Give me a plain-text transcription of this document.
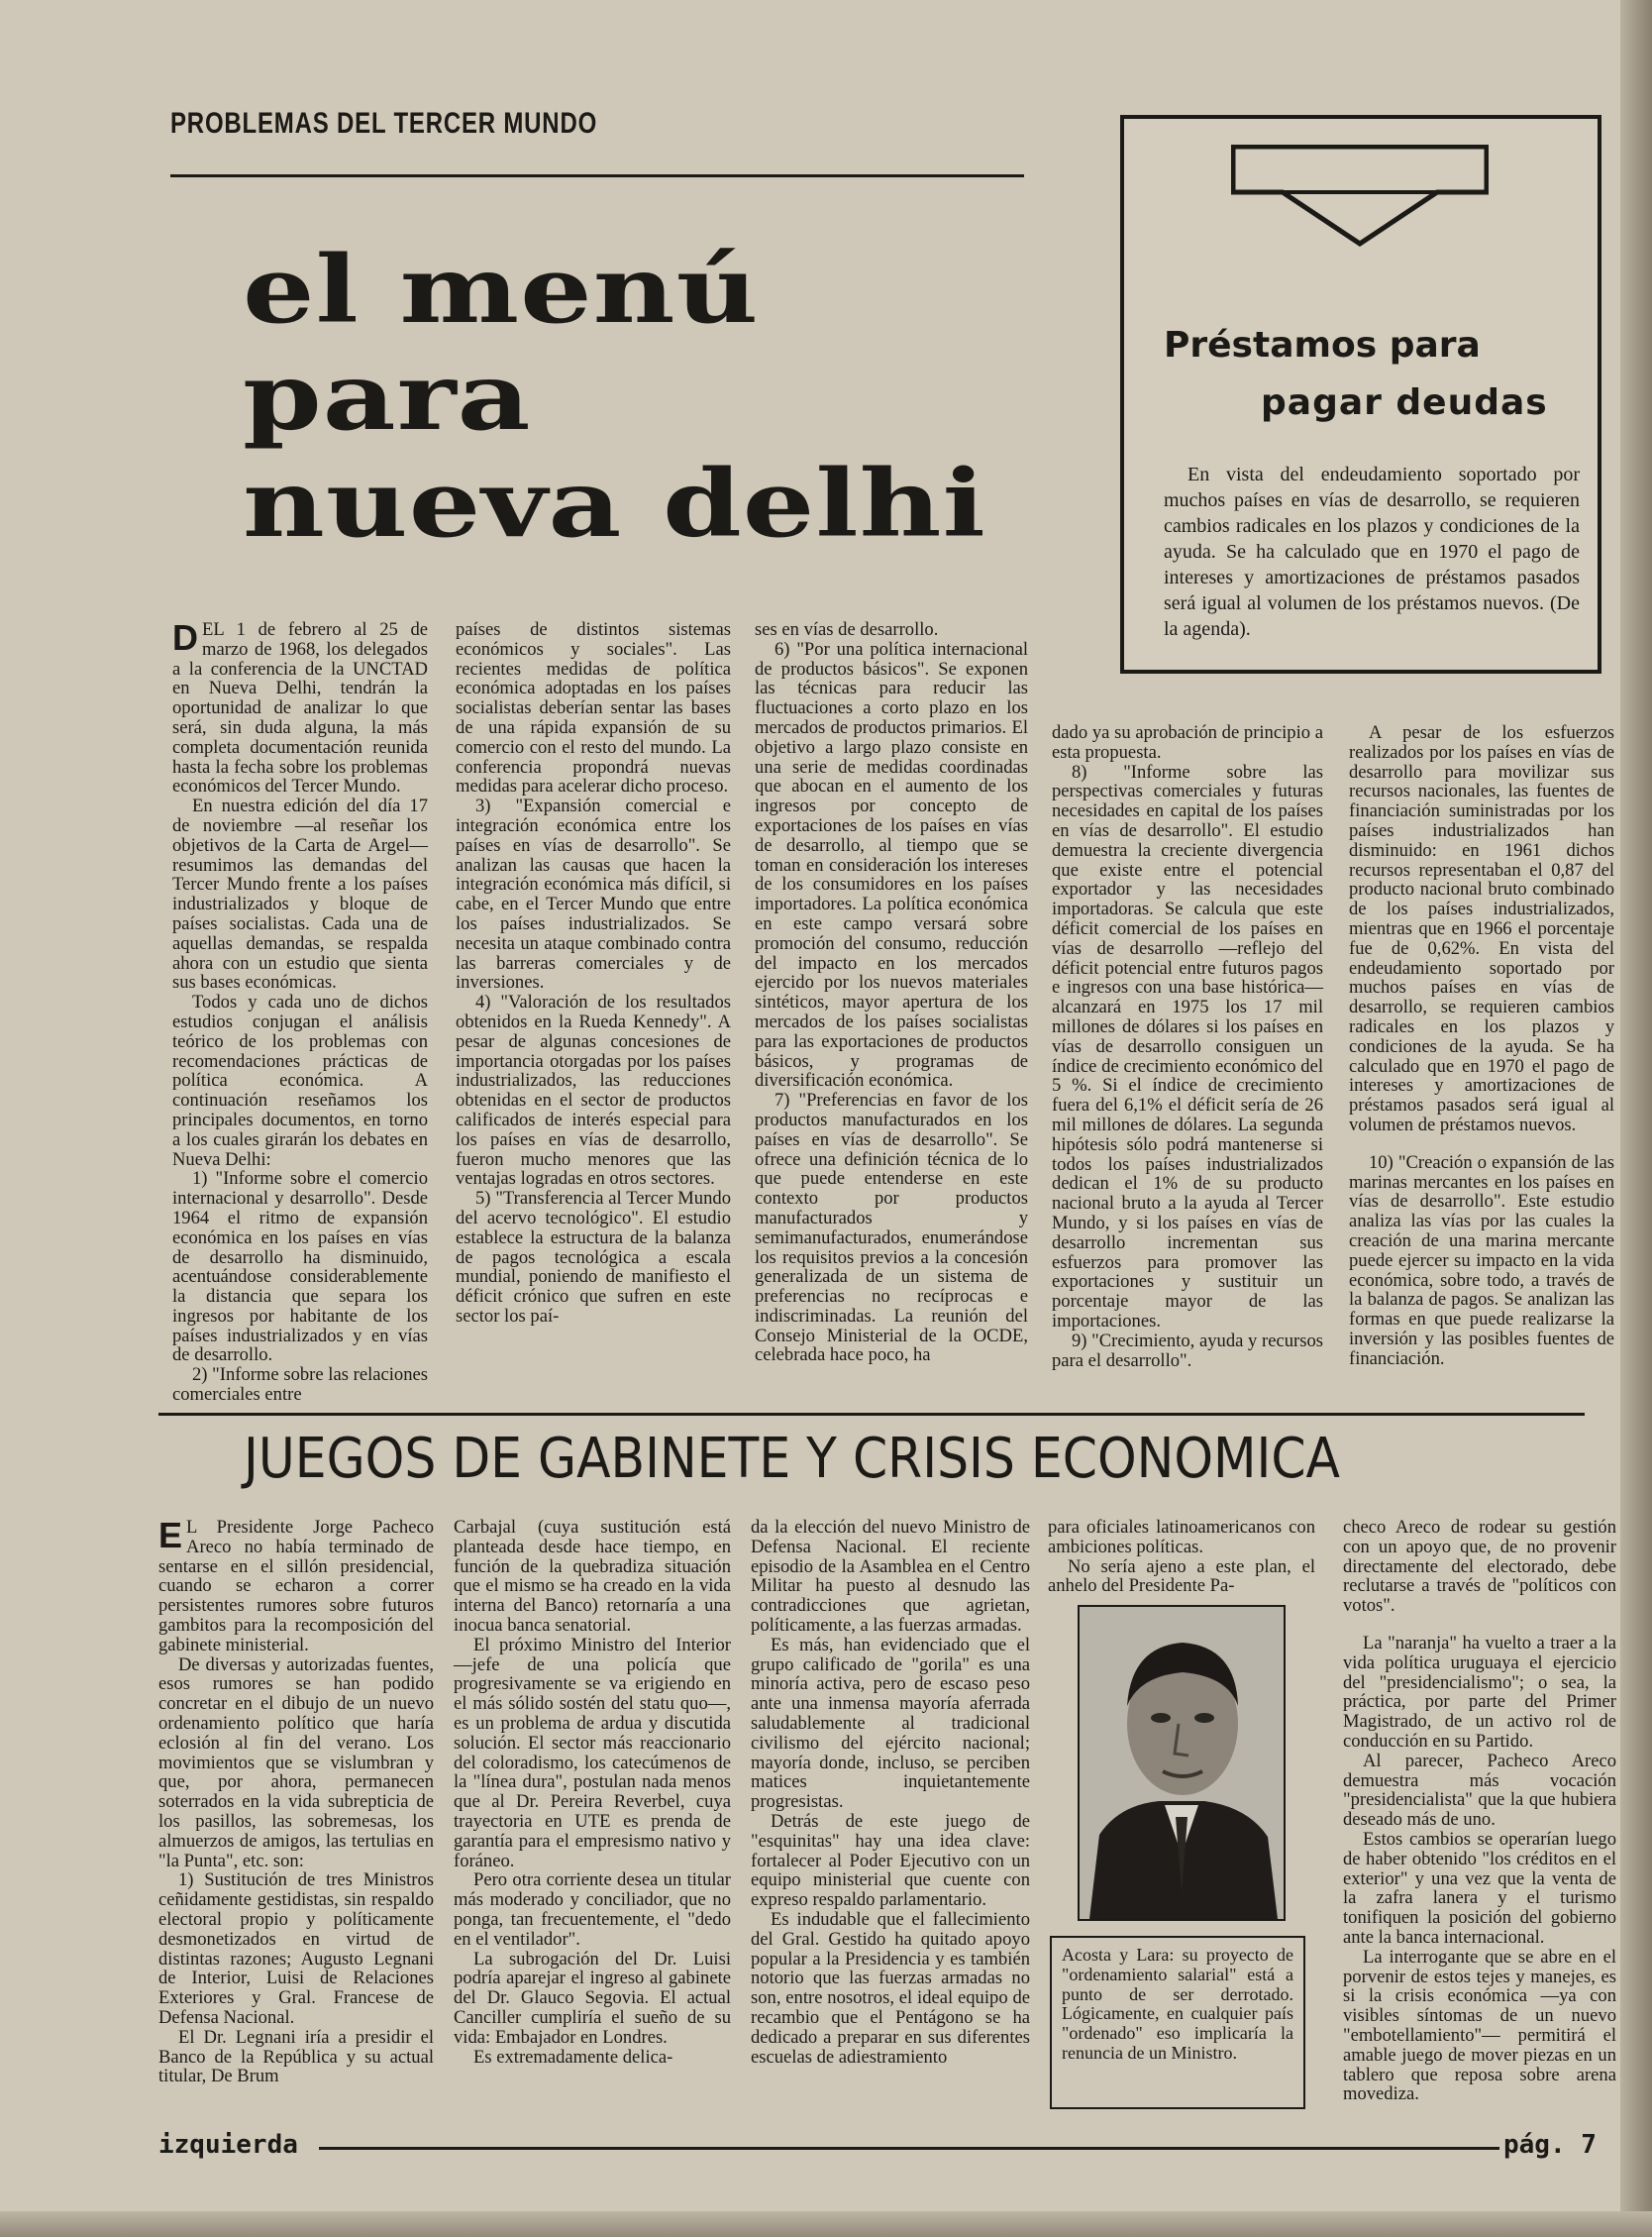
PROBLEMAS DEL TERCER MUNDO
el menú
para
nueva delhi
Préstamos para
pagar deudas
En vista del endeudamiento soportado por muchos países en vías de desarrollo, se requieren cambios radicales en los plazos y condiciones de la ayuda. Se ha calculado que en 1970 el pago de intereses y amortizaciones de préstamos pasados será igual al volumen de los préstamos nuevos. (De la agenda).

DEL 1 de febrero al 25 de marzo de 1968, los delegados a la conferencia de la UNCTAD en Nueva Delhi, tendrán la oportunidad de analizar lo que será, sin duda alguna, la más completa documentación reunida hasta la fecha sobre los problemas económicos del Tercer Mundo.

En nuestra edición del día 17 de noviembre —al reseñar los objetivos de la Carta de Argel— resumimos las demandas del Tercer Mundo frente a los países industrializados y bloque de países socialistas. Cada una de aquellas demandas, se respalda ahora con un estudio que sienta sus bases económicas.

Todos y cada uno de dichos estudios conjugan el análisis teórico de los problemas con recomendaciones prácticas de política económica. A continuación reseñamos los principales documentos, en torno a los cuales girarán los debates en Nueva Delhi:

1) "Informe sobre el comercio internacional y desarrollo". Desde 1964 el ritmo de expansión económica en los países en vías de desarrollo ha disminuido, acentuándose considerablemente la distancia que separa los ingresos por habitante de los países industrializados y en vías de desarrollo.

2) "Informe sobre las relaciones comerciales entre

países de distintos sistemas económicos y sociales". Las recientes medidas de política económica adoptadas en los países socialistas deberían sentar las bases de una rápida expansión de su comercio con el resto del mundo. La conferencia propondrá nuevas medidas para acelerar dicho proceso.

3) "Expansión comercial e integración económica entre los países en vías de desarrollo". Se analizan las causas que hacen la integración económica más difícil, si cabe, en el Tercer Mundo que entre los países industrializados. Se necesita un ataque combinado contra las barreras comerciales y de inversiones.

4) "Valoración de los resultados obtenidos en la Rueda Kennedy". A pesar de algunas concesiones de importancia otorgadas por los países industrializados, las reducciones obtenidas en el sector de productos calificados de interés especial para los países en vías de desarrollo, fueron mucho menores que las ventajas logradas en otros sectores.

5) "Transferencia al Tercer Mundo del acervo tecnológico". El estudio establece la estructura de la balanza de pagos tecnológica a escala mundial, poniendo de manifiesto el déficit crónico que sufren en este sector los paí-

ses en vías de desarrollo.

6) "Por una política internacional de productos básicos". Se exponen las técnicas para reducir las fluctuaciones a corto plazo en los mercados de productos primarios. El objetivo a largo plazo consiste en una serie de medidas coordinadas que abocan en el aumento de los ingresos por concepto de exportaciones de los países en vías de desarrollo, al tiempo que se toman en consideración los intereses de los consumidores en los países importadores. La política económica en este campo versará sobre promoción del consumo, reducción del impacto en los mercados ejercido por los nuevos materiales sintéticos, mayor apertura de los mercados de los países socialistas para las exportaciones de productos básicos, y programas de diversificación económica.

7) "Preferencias en favor de los productos manufacturados en los países en vías de desarrollo". Se ofrece una definición técnica de lo que puede entenderse en este contexto por productos manufacturados y semimanufacturados, enumerándose los requisitos previos a la concesión generalizada de un sistema de preferencias no recíprocas e indiscriminadas. La reunión del Consejo Ministerial de la OCDE, celebrada hace poco, ha

dado ya su aprobación de principio a esta propuesta.

8) "Informe sobre las perspectivas comerciales y futuras necesidades en capital de los países en vías de desarrollo". El estudio demuestra la creciente divergencia que existe entre el potencial exportador y las necesidades importadoras. Se calcula que este déficit comercial de los países en vías de desarrollo —reflejo del déficit potencial entre futuros pagos e ingresos con una base histórica— alcanzará en 1975 los 17 mil millones de dólares si los países en vías de desarrollo consiguen un índice de crecimiento económico del 5 %. Si el índice de crecimiento fuera del 6,1% el déficit sería de 26 mil millones de dólares. La segunda hipótesis sólo podrá mantenerse si todos los países industrializados dedican el 1% de su producto nacional bruto a la ayuda al Tercer Mundo, y si los países en vías de desarrollo incrementan sus esfuerzos para promover las exportaciones y sustituir un porcentaje mayor de las importaciones.

9) "Crecimiento, ayuda y recursos para el desarrollo".

A pesar de los esfuerzos realizados por los países en vías de desarrollo para movilizar sus recursos nacionales, las fuentes de financiación suministradas por los países industrializados han disminuido: en 1961 dichos recursos representaban el 0,87 del producto nacional bruto combinado de los países industrializados, mientras que en 1966 el porcentaje fue de 0,62%. En vista del endeudamiento soportado por muchos países en vías de desarrollo, se requieren cambios radicales en los plazos y condiciones de la ayuda. Se ha calculado que en 1970 el pago de intereses y amortizaciones de préstamos pasados será igual al volumen de préstamos nuevos.

10) "Creación o expansión de las marinas mercantes en los países en vías de desarrollo". Este estudio analiza las vías por las cuales la creación de una marina mercante puede ejercer su impacto en la vida económica, sobre todo, a través de la balanza de pagos. Se analizan las formas en que puede realizarse la inversión y las posibles fuentes de financiación.

JUEGOS DE GABINETE Y CRISIS ECONOMICA

E L Presidente Jorge Pacheco Areco no había terminado de sentarse en el sillón presidencial, cuando se echaron a correr persistentes rumores sobre futuros gambitos para la recomposición del gabinete ministerial.

De diversas y autorizadas fuentes, esos rumores se han podido concretar en el dibujo de un nuevo ordenamiento político que haría eclosión al fin del verano. Los movimientos que se vislumbran y que, por ahora, permanecen soterrados en la vida subrepticia de los pasillos, las sobremesas, los almuerzos de amigos, las tertulias en "la Punta", etc. son:

1) Sustitución de tres Ministros ceñidamente gestidistas, sin respaldo electoral propio y políticamente desmonetizados en virtud de distintas razones; Augusto Legnani de Interior, Luisi de Relaciones Exteriores y Gral. Francese de Defensa Nacional.

El Dr. Legnani iría a presidir el Banco de la República y su actual titular, De Brum

Carbajal (cuya sustitución está planteada desde hace tiempo, en función de la quebradiza situación que el mismo se ha creado en la vida interna del Banco) retornaría a una inocua banca senatorial.

El próximo Ministro del Interior —jefe de una policía que progresivamente se va erigiendo en el más sólido sostén del statu quo—, es un problema de ardua y discutida solución. El sector más reaccionario del coloradismo, los catecúmenos de la "línea dura", postulan nada menos que al Dr. Pereira Reverbel, cuya trayectoria en UTE es prenda de garantía para el empresismo nativo y foráneo.

Pero otra corriente desea un titular más moderado y conciliador, que no ponga, tan frecuentemente, el "dedo en el ventilador".

La subrogación del Dr. Luisi podría aparejar el ingreso al gabinete del Dr. Glauco Segovia. El actual Canciller cumpliría el sueño de su vida: Embajador en Londres.

Es extremadamente delica-

da la elección del nuevo Ministro de Defensa Nacional. El reciente episodio de la Asamblea en el Centro Militar ha puesto al desnudo las contradicciones que agrietan, políticamente, a las fuerzas armadas.

Es más, han evidenciado que el grupo calificado de "gorila" es una minoría activa, pero de escaso peso ante una inmensa mayoría aferrada saludablemente al tradicional civilismo del ejército nacional; mayoría donde, incluso, se perciben matices inquietantemente progresistas.

Detrás de este juego de "esquinitas" hay una idea clave: fortalecer al Poder Ejecutivo con un equipo ministerial que cuente con expreso respaldo parlamentario.

Es indudable que el fallecimiento del Gral. Gestido ha quitado apoyo popular a la Presidencia y es también notorio que las fuerzas armadas no son, entre nosotros, el ideal equipo de recambio que el Pentágono se ha dedicado a preparar en sus diferentes escuelas de adiestramiento

para oficiales latinoamericanos con ambiciones políticas.

No sería ajeno a este plan, el anhelo del Presidente Pa-

Acosta y Lara: su proyecto de "ordenamiento salarial" está a punto de ser derrotado. Lógicamente, en cualquier país "ordenado" eso implicaría la renuncia de un Ministro.

checo Areco de rodear su gestión con un apoyo que, de no provenir directamente del electorado, debe reclutarse a través de "políticos con votos".

La "naranja" ha vuelto a traer a la vida política uruguaya el ejercicio del "presidencialismo"; o sea, la práctica, por parte del Primer Magistrado, de un activo rol de conducción en su Partido.

Al parecer, Pacheco Areco demuestra más vocación "presidencialista" que la que hubiera deseado más de uno.

Estos cambios se operarían luego de haber obtenido "los créditos en el exterior" y una vez que la venta de la zafra lanera y el turismo tonifiquen la posición del gobierno ante la banca internacional.

La interrogante que se abre en el porvenir de estos tejes y manejes, es si la crisis económica —ya con visibles síntomas de un nuevo "embotellamiento"— permitirá el amable juego de mover piezas en un tablero que reposa sobre arena movediza.

izquierda	pág. 7
